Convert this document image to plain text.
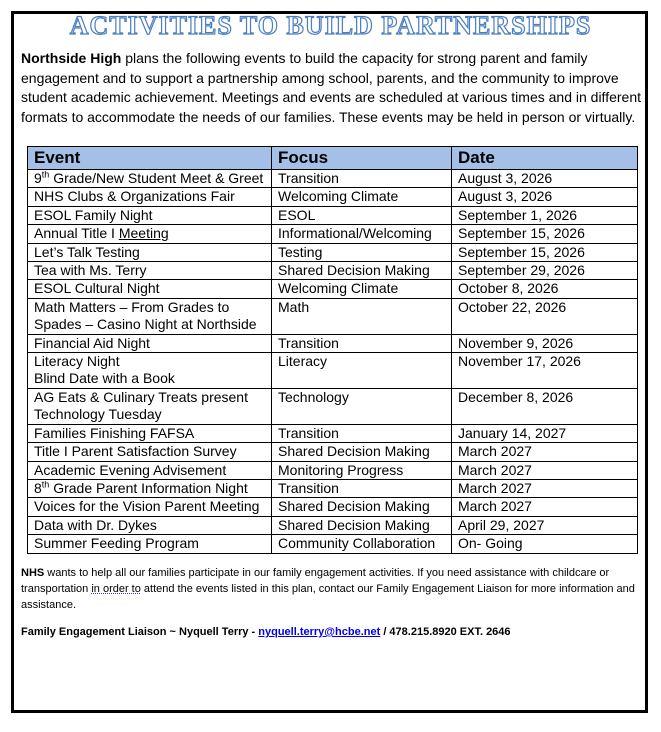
ACTIVITIES TO BUILD PARTNERSHIPS

Northside High plans the following events to build the capacity for strong parent and family engagement and to support a partnership among school, parents, and the community to improve student academic achievement. Meetings and events are scheduled at various times and in different formats to accommodate the needs of our families. These events may be held in person or virtually.

Event	Focus	Date
9th Grade/New Student Meet & Greet	Transition	August 3, 2026
NHS Clubs & Organizations Fair	Welcoming Climate	August 3, 2026
ESOL Family Night	ESOL	September 1, 2026
Annual Title I Meeting	Informational/Welcoming	September 15, 2026
Let’s Talk Testing	Testing	September 15, 2026
Tea with Ms. Terry	Shared Decision Making	September 29, 2026
ESOL Cultural Night	Welcoming Climate	October 8, 2026
Math Matters – From Grades to
Spades – Casino Night at Northside	Math	October 22, 2026
Financial Aid Night	Transition	November 9, 2026
Literacy Night
Blind Date with a Book	Literacy	November 17, 2026
AG Eats & Culinary Treats present
Technology Tuesday	Technology	December 8, 2026
Families Finishing FAFSA	Transition	January 14, 2027
Title I Parent Satisfaction Survey	Shared Decision Making	March 2027
Academic Evening Advisement	Monitoring Progress	March 2027
8th Grade Parent Information Night	Transition	March 2027
Voices for the Vision Parent Meeting	Shared Decision Making	March 2027
Data with Dr. Dykes	Shared Decision Making	April 29, 2027
Summer Feeding Program	Community Collaboration	On- Going

NHS wants to help all our families participate in our family engagement activities. If you need assistance with childcare or transportation in order to attend the events listed in this plan, contact our Family Engagement Liaison for more information and assistance.

Family Engagement Liaison ~ Nyquell Terry - nyquell.terry@hcbe.net / 478.215.8920 EXT. 2646
